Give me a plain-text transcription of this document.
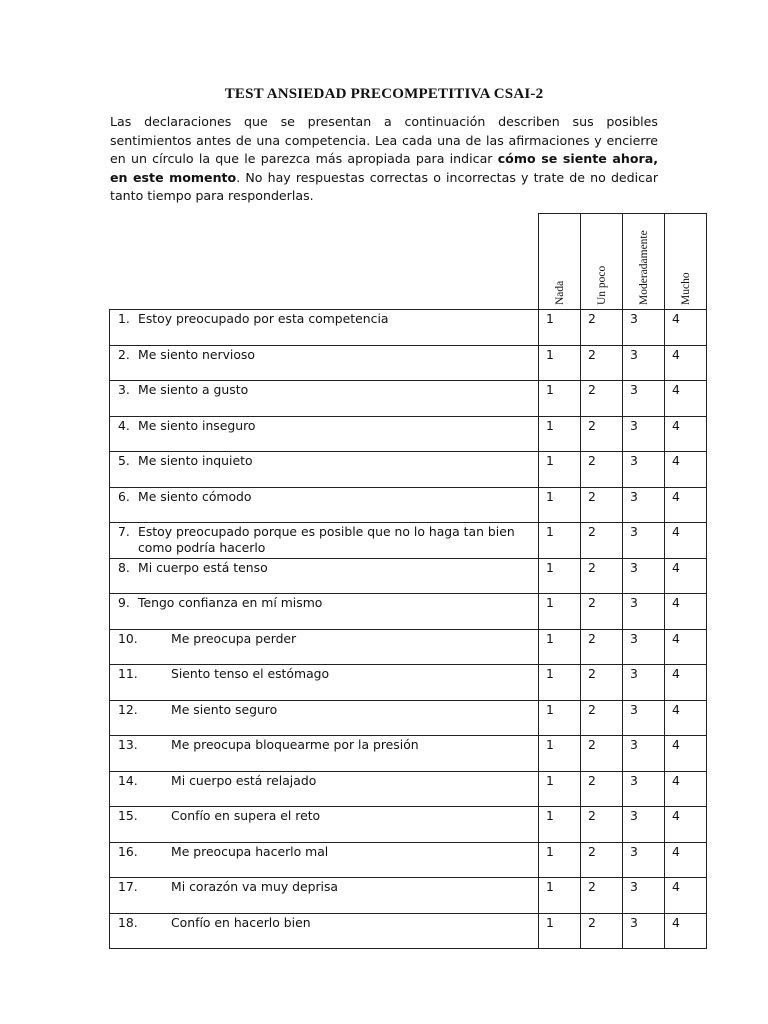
TEST ANSIEDAD PRECOMPETITIVA CSAI-2
Las declaraciones que se presentan a continuación describen sus posibles sentimientos antes de una competencia. Lea cada una de las afirmaciones y encierre en un círculo la que le parezca más apropiada para indicar cómo se siente ahora, en este momento. No hay respuestas correctas o incorrectas y trate de no dedicar tanto tiempo para responderlas.

	Nada	Un poco	Moderadamente	Mucho

1. Estoy preocupado por esta competencia	1	2	3	4
2. Me siento nervioso	1	2	3	4
3. Me siento a gusto	1	2	3	4
4. Me siento inseguro	1	2	3	4
5. Me siento inquieto	1	2	3	4
6. Me siento cómodo	1	2	3	4
7. Estoy preocupado porque es posible que no lo haga tan bien como podría hacerlo	1	2	3	4
8. Mi cuerpo está tenso	1	2	3	4
9. Tengo confianza en mí mismo	1	2	3	4
10. Me preocupa perder	1	2	3	4
11. Siento tenso el estómago	1	2	3	4
12. Me siento seguro	1	2	3	4
13. Me preocupa bloquearme por la presión	1	2	3	4
14. Mi cuerpo está relajado	1	2	3	4
15. Confío en supera el reto	1	2	3	4
16. Me preocupa hacerlo mal	1	2	3	4
17. Mi corazón va muy deprisa	1	2	3	4
18. Confío en hacerlo bien	1	2	3	4
